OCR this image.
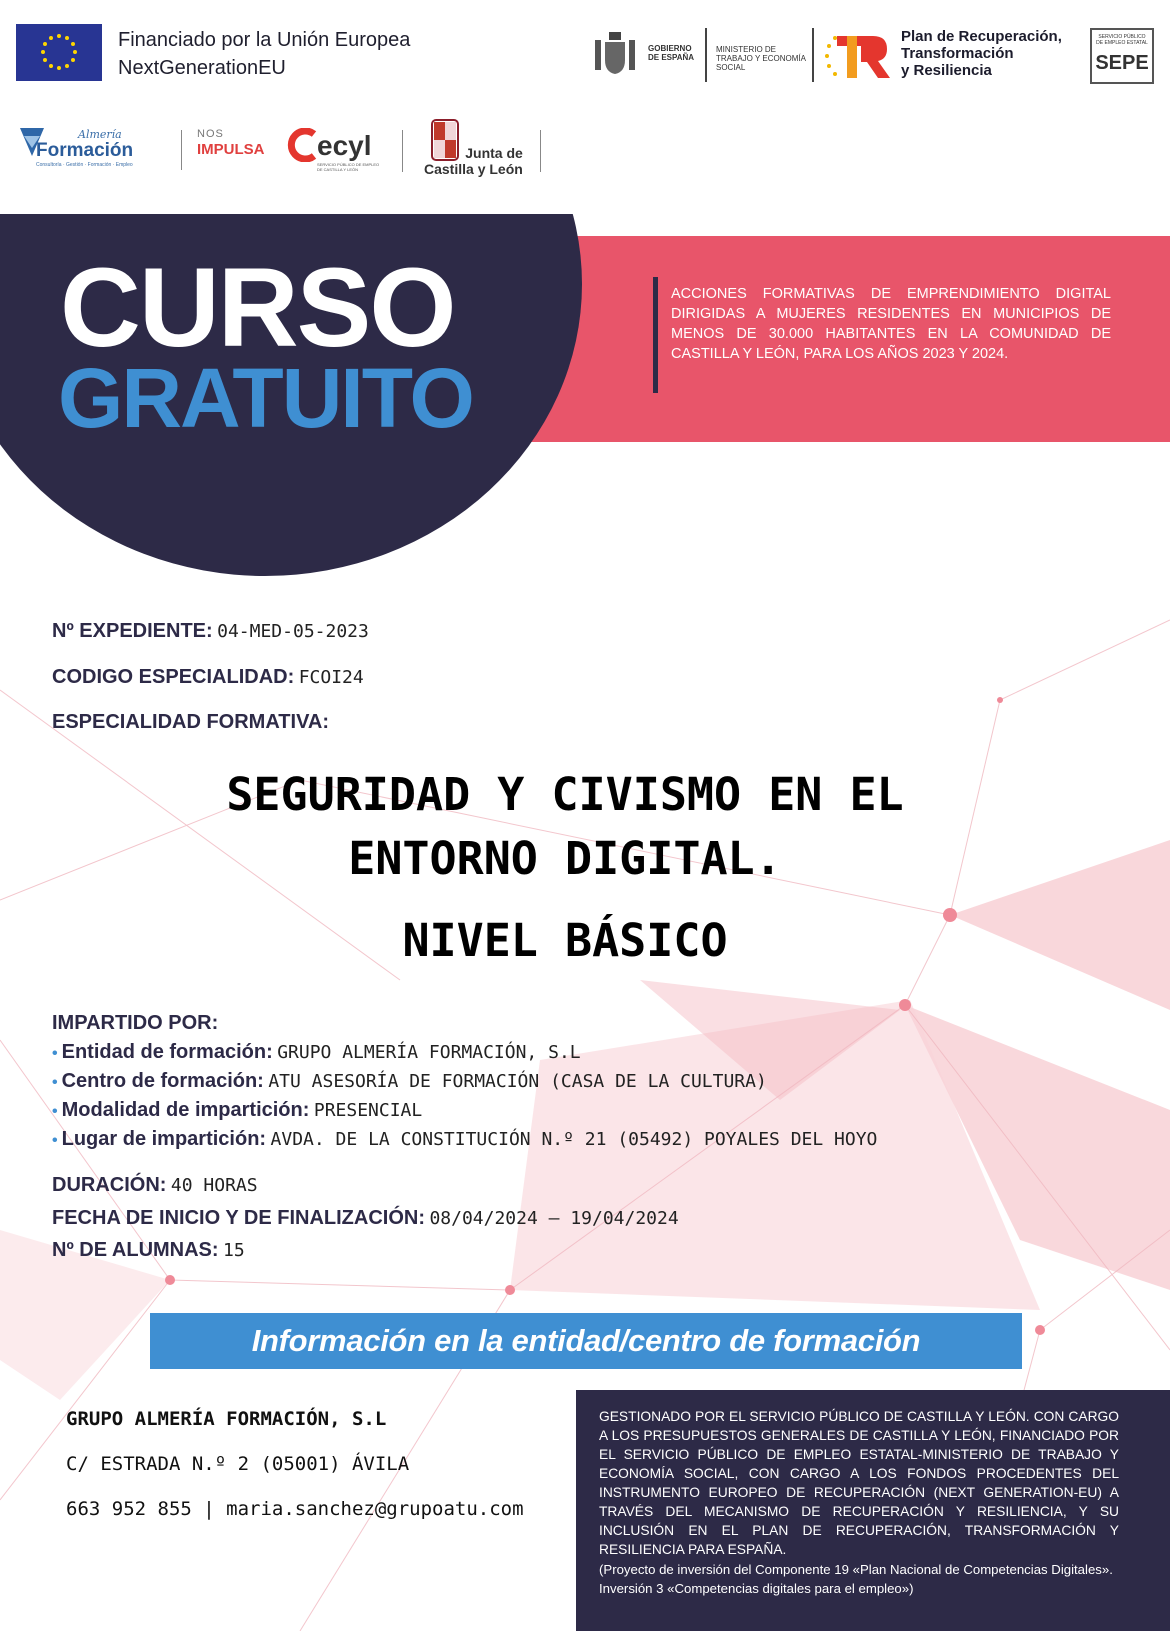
Financiado por la Unión Europea
NextGenerationEU
GOBIERNO DE ESPAÑA
MINISTERIO DE TRABAJO Y ECONOMÍA SOCIAL
Plan de Recuperación,
Transformación
y Resiliencia
SERVICIO PÚBLICO DE EMPLEO ESTATAL
SEPE
Almería
Formación
Consultoría · Gestión · Formación · Empleo
NOS
IMPULSA ecyl
SERVICIO PÚBLICO DE EMPLEO DE CASTILLA Y LEÓN
Junta de
Castilla y León
CURSO
GRATUITO
ACCIONES FORMATIVAS DE EMPRENDIMIENTO DIGITAL DIRIGIDAS A MUJERES RESIDENTES EN MUNICIPIOS DE MENOS DE 30.000 HABITANTES EN LA COMUNIDAD DE CASTILLA Y LEÓN, PARA LOS AÑOS 2023 Y 2024.
Nº EXPEDIENTE: 04-MED-05-2023
CODIGO ESPECIALIDAD: FCOI24
ESPECIALIDAD FORMATIVA:
SEGURIDAD Y CIVISMO EN EL
ENTORNO DIGITAL.
NIVEL BÁSICO
IMPARTIDO POR:
• Entidad de formación: GRUPO ALMERÍA FORMACIÓN, S.L
• Centro de formación: ATU ASESORÍA DE FORMACIÓN (CASA DE LA CULTURA)
• Modalidad de impartición: PRESENCIAL
• Lugar de impartición: AVDA. DE LA CONSTITUCIÓN N.º 21 (05492) POYALES DEL HOYO
DURACIÓN: 40 HORAS
FECHA DE INICIO Y DE FINALIZACIÓN: 08/04/2024 – 19/04/2024
Nº DE ALUMNAS: 15
Información en la entidad/centro de formación
GRUPO ALMERÍA FORMACIÓN, S.L
C/ ESTRADA N.º 2 (05001) ÁVILA
663 952 855 | maria.sanchez@grupoatu.com
GESTIONADO POR EL SERVICIO PÚBLICO DE CASTILLA Y LEÓN. CON CARGO A LOS PRESUPUESTOS GENERALES DE CASTILLA Y LEÓN, FINANCIADO POR EL SERVICIO PÚBLICO DE EMPLEO ESTATAL-MINISTERIO DE TRABAJO Y ECONOMÍA SOCIAL, CON CARGO A LOS FONDOS PROCEDENTES DEL INSTRUMENTO EUROPEO DE RECUPERACIÓN (NEXT GENERATION-EU) A TRAVÉS DEL MECANISMO DE RECUPERACIÓN Y RESILIENCIA, Y SU INCLUSIÓN EN EL PLAN DE RECUPERACIÓN, TRANSFORMACIÓN Y RESILIENCIA PARA ESPAÑA.
(Proyecto de inversión del Componente 19 «Plan Nacional de Competencias Digitales». Inversión 3 «Competencias digitales para el empleo»)
